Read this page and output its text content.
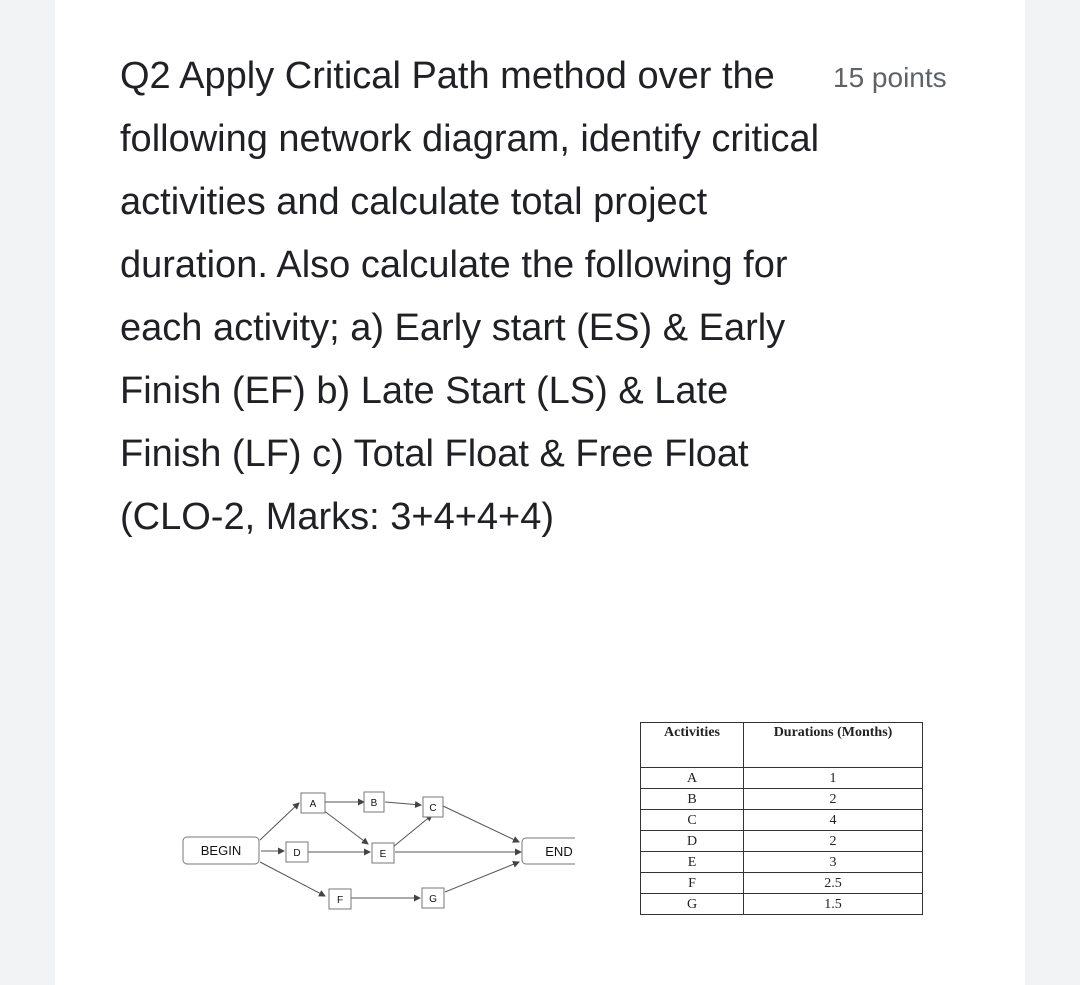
Q2 Apply Critical Path method over the following network diagram, identify critical activities and calculate total project duration. Also calculate the following for each activity; a) Early start (ES) & Early Finish (EF) b) Late Start (LS) & Late Finish (LF) c) Total Float & Free Float (CLO-2, Marks: 3+4+4+4)

15 points
BEGIN
A	B	C
D	E	END
F	G
Activities	Durations (Months)
A	1
B	2
C	4
D	2
E	3
F	2.5
G	1.5
